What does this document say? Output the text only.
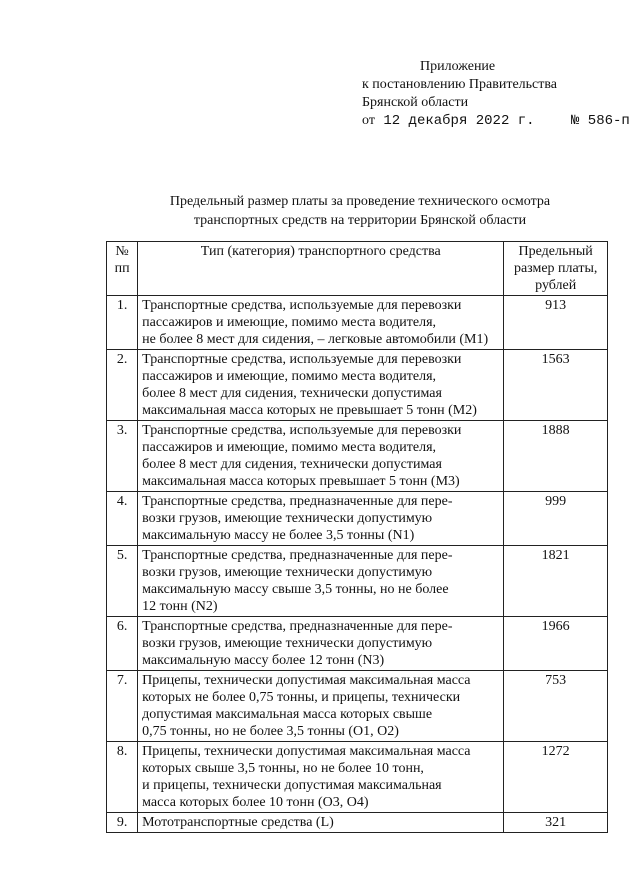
Приложение
к постановлению Правительства
Брянской области
от 12 декабря 2022 г.	№ 586-п
Предельный размер платы за проведение технического осмотра
транспортных средств на территории Брянской области
№
пп	Тип (категория) транспортного средства	Предельный
размер платы,
рублей

1.	Транспортные средства, используемые для перевозки
пассажиров и имеющие, помимо места водителя,
не более 8 мест для сидения, – легковые автомобили (M1)	913
2.	Транспортные средства, используемые для перевозки
пассажиров и имеющие, помимо места водителя,
более 8 мест для сидения, технически допустимая
максимальная масса которых не превышает 5 тонн (M2)	1563
3.	Транспортные средства, используемые для перевозки
пассажиров и имеющие, помимо места водителя,
более 8 мест для сидения, технически допустимая
максимальная масса которых превышает 5 тонн (M3)	1888
4.	Транспортные средства, предназначенные для пере-
возки грузов, имеющие технически допустимую
максимальную массу не более 3,5 тонны (N1)	999
5.	Транспортные средства, предназначенные для пере-
возки грузов, имеющие технически допустимую
максимальную массу свыше 3,5 тонны, но не более
12 тонн (N2)	1821
6.	Транспортные средства, предназначенные для пере-
возки грузов, имеющие технически допустимую
максимальную массу более 12 тонн (N3)	1966
7.	Прицепы, технически допустимая максимальная масса
которых не более 0,75 тонны, и прицепы, технически
допустимая максимальная масса которых свыше
0,75 тонны, но не более 3,5 тонны (O1, O2)	753
8.	Прицепы, технически допустимая максимальная масса
которых свыше 3,5 тонны, но не более 10 тонн,
и прицепы, технически допустимая максимальная
масса которых более 10 тонн (O3, O4)	1272
9.	Мототранспортные средства (L)	321
